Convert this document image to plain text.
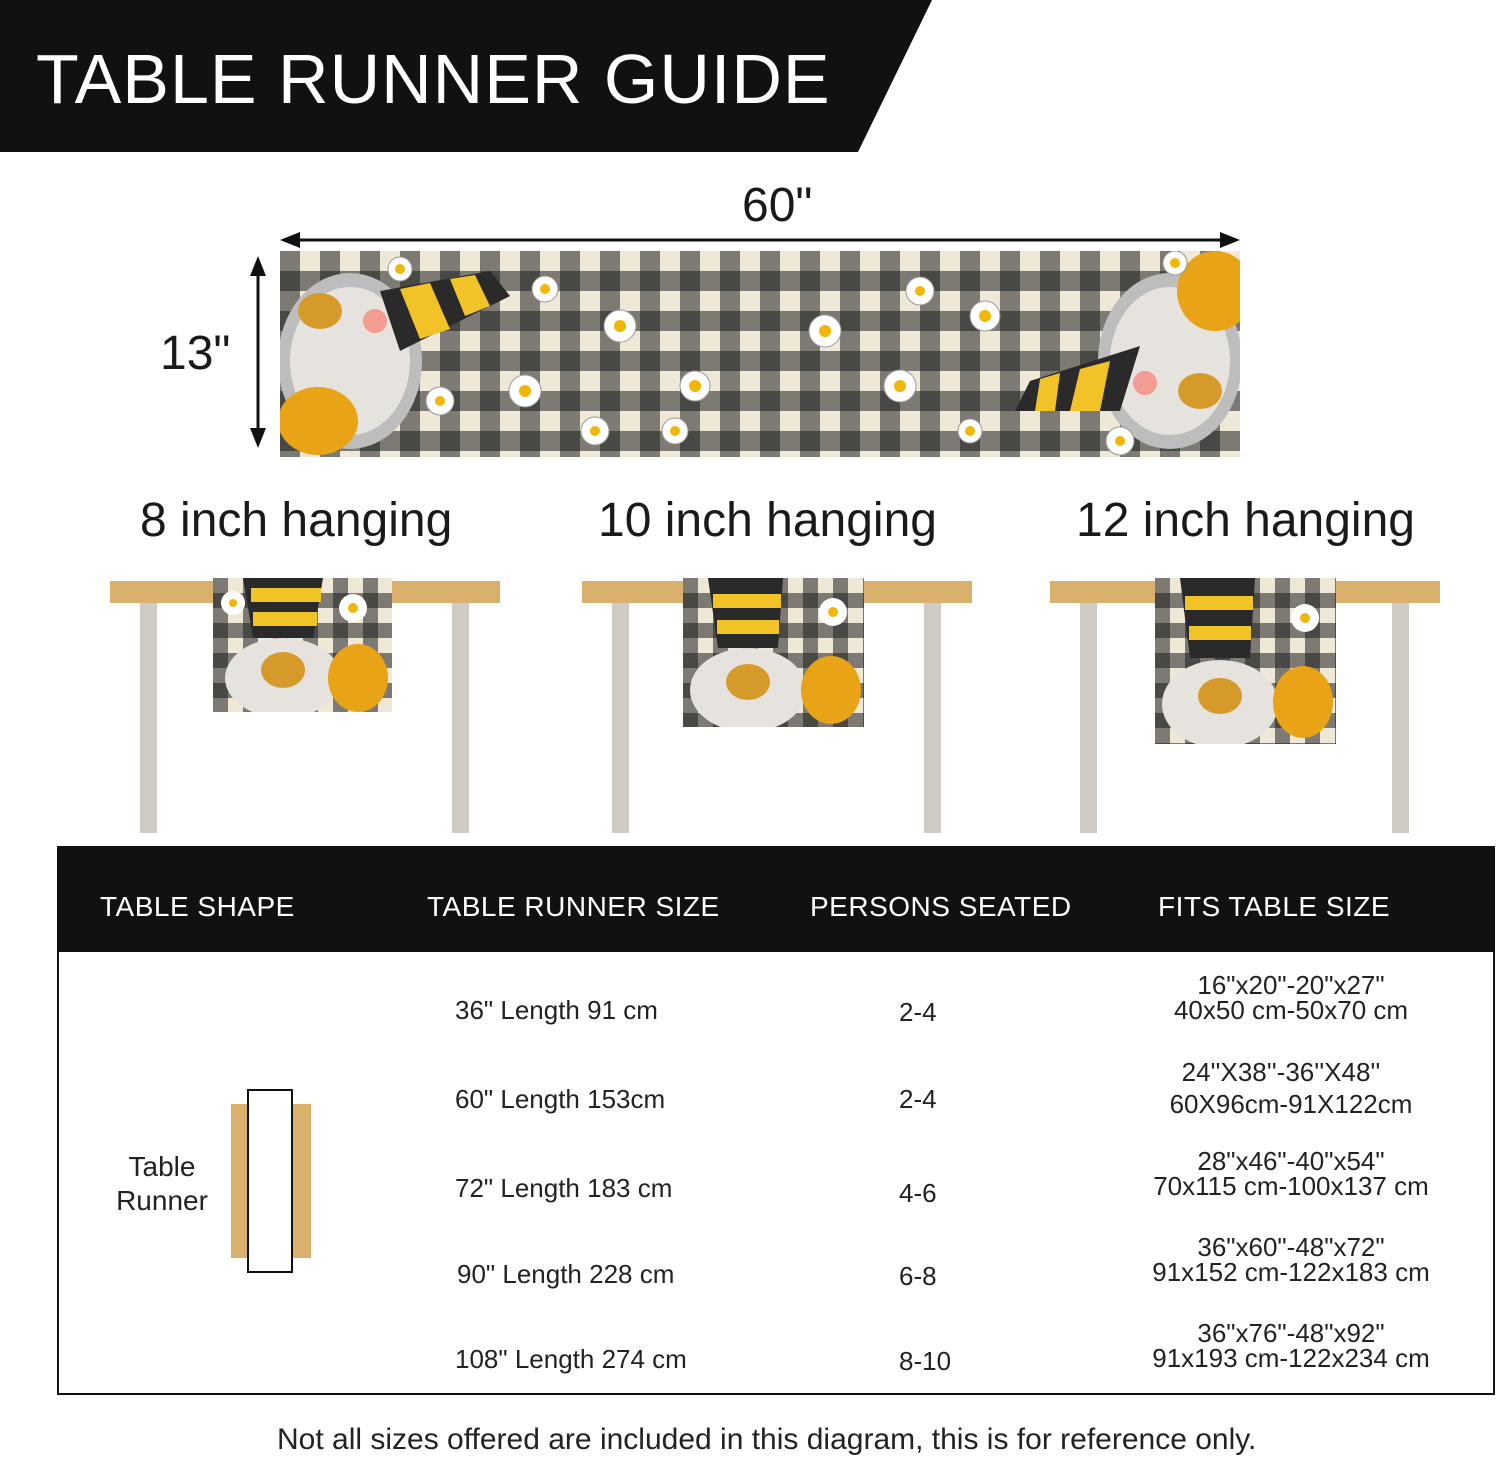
TABLE RUNNER GUIDE
60"
13"
8 inch hanging	10 inch hanging	12 inch hanging
TABLE SHAPE	TABLE RUNNER SIZE	PERSONS SEATED	FITS TABLE SIZE
Table
Runner
36" Length 91 cm	2-4
16"x20"-20"x27"
40x50 cm-50x70 cm
60" Length 153cm	2-4
24''X38''-36''X48''
60X96cm-91X122cm
72" Length 183 cm	4-6
28"x46"-40"x54"
70x115 cm-100x137 cm
90" Length 228 cm	6-8
36"x60"-48"x72"
91x152 cm-122x183 cm
108" Length 274 cm	8-10
36"x76"-48"x92"
91x193 cm-122x234 cm
Not all sizes offered are included in this diagram, this is for reference only.
